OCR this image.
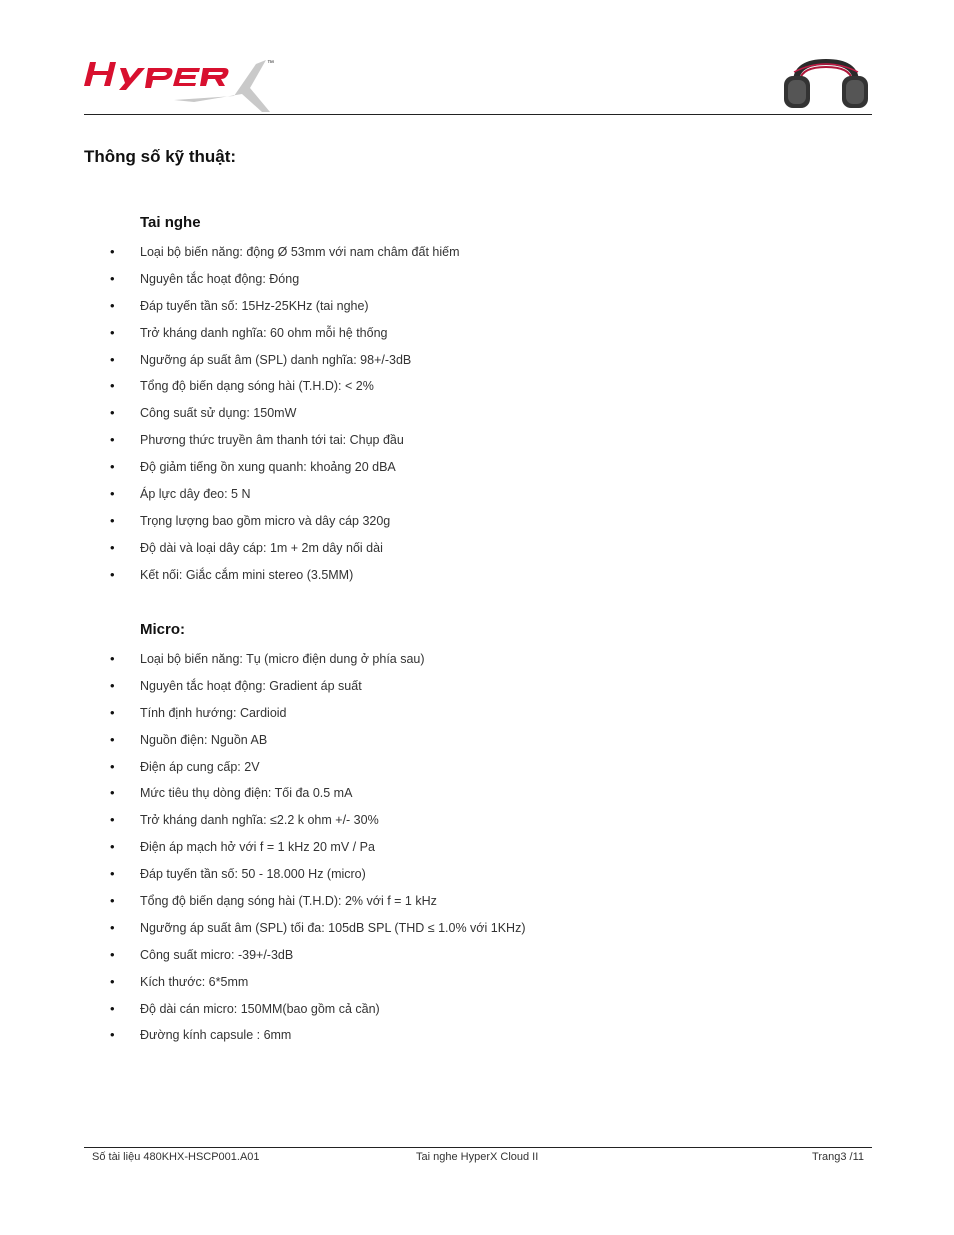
™
Thông số kỹ thuật:
Tai nghe
• Loại bộ biến năng: động Ø 53mm với nam châm đất hiếm
• Nguyên tắc hoạt động: Đóng
• Đáp tuyến tần số: 15Hz-25KHz (tai nghe)
• Trở kháng danh nghĩa: 60 ohm mỗi hệ thống
• Ngưỡng áp suất âm (SPL) danh nghĩa: 98+/-3dB
• Tổng độ biến dạng sóng hài (T.H.D): < 2%
• Công suất sử dụng: 150mW
• Phương thức truyền âm thanh tới tai: Chụp đầu
• Độ giảm tiếng ồn xung quanh: khoảng 20 dBA
• Áp lực dây đeo: 5 N
• Trọng lượng bao gồm micro và dây cáp 320g
• Độ dài và loại dây cáp: 1m + 2m dây nối dài
• Kết nối: Giắc cắm mini stereo (3.5MM)
Micro:
• Loại bộ biến năng: Tụ (micro điện dung ở phía sau)
• Nguyên tắc hoạt động: Gradient áp suất
• Tính định hướng: Cardioid
• Nguồn điện: Nguồn AB
• Điện áp cung cấp: 2V
• Mức tiêu thụ dòng điện: Tối đa 0.5 mA
• Trở kháng danh nghĩa: ≤2.2 k ohm +/- 30%
• Điện áp mạch hở với f = 1 kHz 20 mV / Pa
• Đáp tuyến tần số: 50 - 18.000 Hz (micro)
• Tổng độ biến dạng sóng hài (T.H.D): 2% với f = 1 kHz
• Ngưỡng áp suất âm (SPL) tối đa: 105dB SPL (THD ≤ 1.0% với 1KHz)
• Công suất micro: -39+/-3dB
• Kích thước: 6*5mm
• Độ dài cán micro: 150MM(bao gồm cả cần)
• Đường kính capsule : 6mm
Số tài liệu 480KHX-HSCP001.A01	Tai nghe HyperX Cloud II	Trang3 /11
